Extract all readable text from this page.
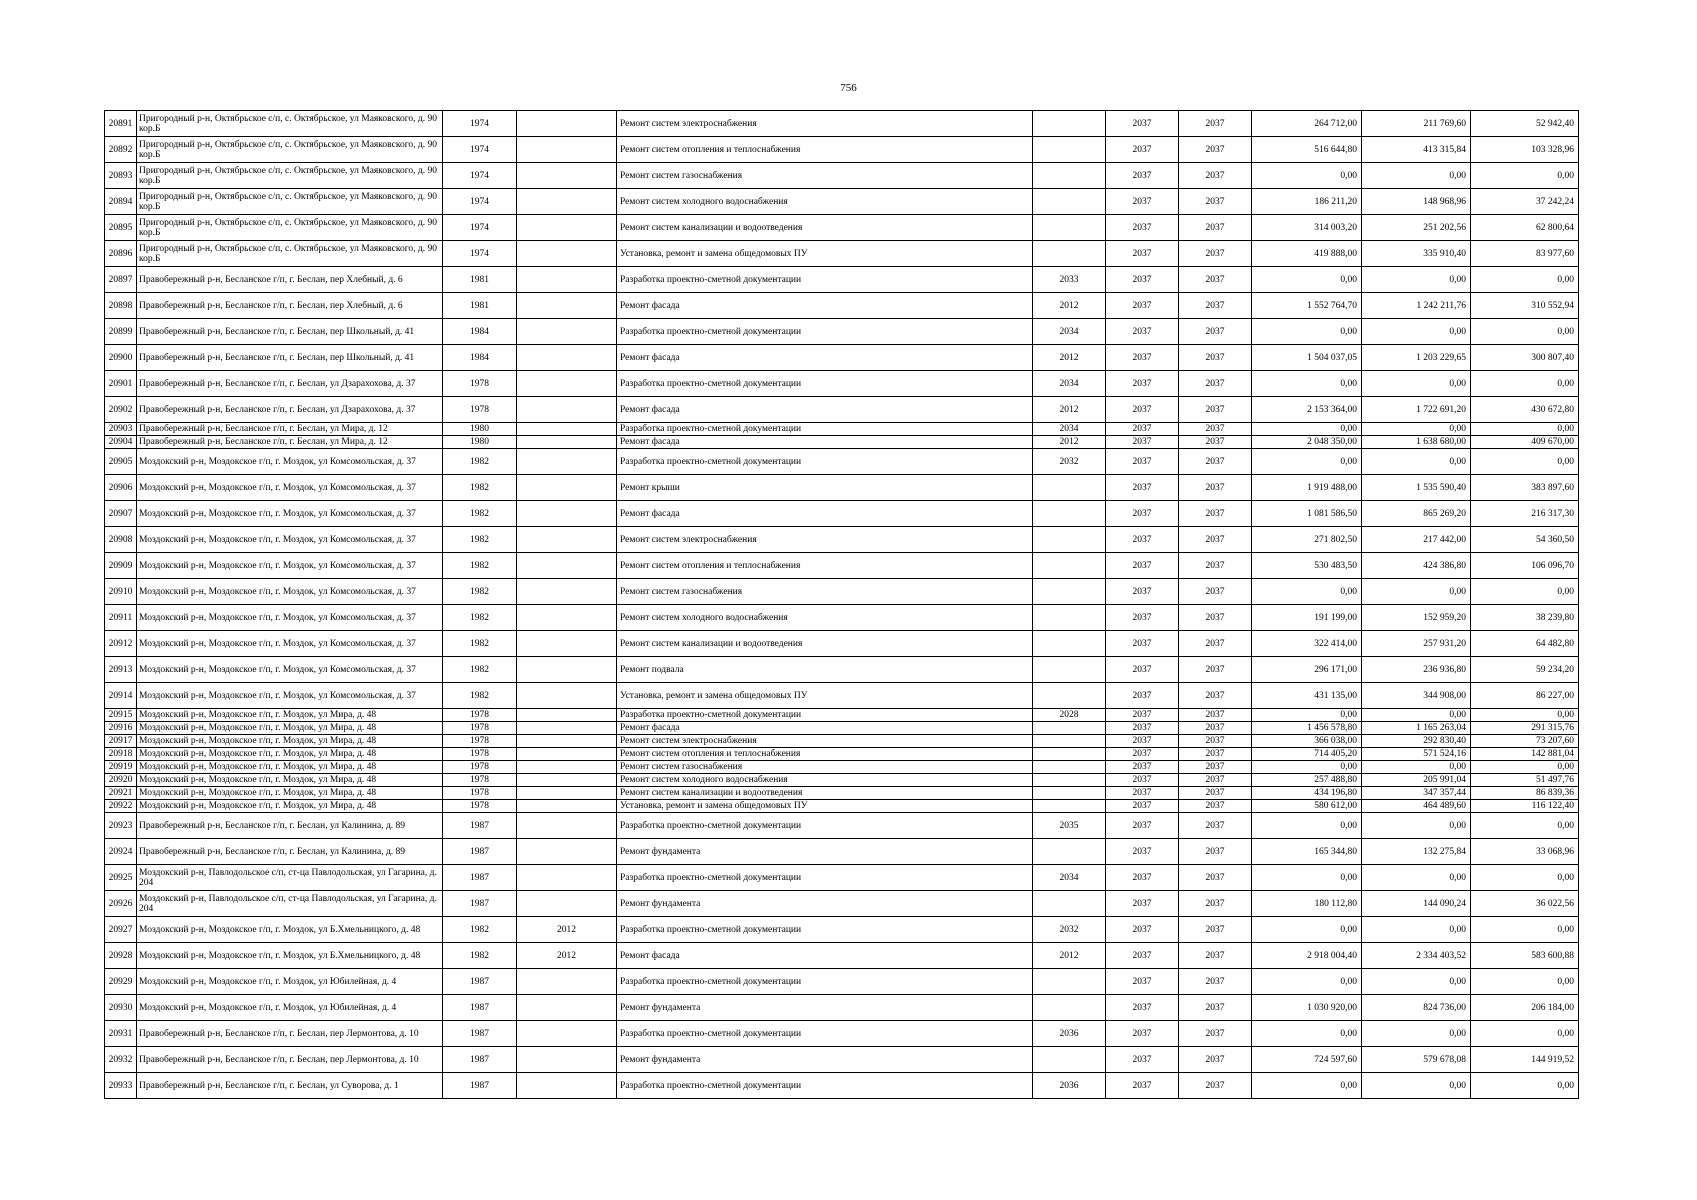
756
20891	Пригородный р-н, Октябрьское с/п, с. Октябрьское, ул Маяковского, д. 90 кор.Б	1974		Ремонт систем электроснабжения		2037	2037	264 712,00	211 769,60	52 942,40
20892	Пригородный р-н, Октябрьское с/п, с. Октябрьское, ул Маяковского, д. 90 кор.Б	1974		Ремонт систем отопления и теплоснабжения		2037	2037	516 644,80	413 315,84	103 328,96
20893	Пригородный р-н, Октябрьское с/п, с. Октябрьское, ул Маяковского, д. 90 кор.Б	1974		Ремонт систем газоснабжения		2037	2037	0,00	0,00	0,00
20894	Пригородный р-н, Октябрьское с/п, с. Октябрьское, ул Маяковского, д. 90 кор.Б	1974		Ремонт систем холодного водоснабжения		2037	2037	186 211,20	148 968,96	37 242,24
20895	Пригородный р-н, Октябрьское с/п, с. Октябрьское, ул Маяковского, д. 90 кор.Б	1974		Ремонт систем канализации и водоотведения		2037	2037	314 003,20	251 202,56	62 800,64
20896	Пригородный р-н, Октябрьское с/п, с. Октябрьское, ул Маяковского, д. 90 кор.Б	1974		Установка, ремонт и замена общедомовых ПУ		2037	2037	419 888,00	335 910,40	83 977,60
20897	Правобережный р-н, Бесланское г/п, г. Беслан, пер Хлебный, д. 6	1981		Разработка проектно-сметной документации	2033	2037	2037	0,00	0,00	0,00
20898	Правобережный р-н, Бесланское г/п, г. Беслан, пер Хлебный, д. 6	1981		Ремонт фасада	2012	2037	2037	1 552 764,70	1 242 211,76	310 552,94
20899	Правобережный р-н, Бесланское г/п, г. Беслан, пер Школьный, д. 41	1984		Разработка проектно-сметной документации	2034	2037	2037	0,00	0,00	0,00
20900	Правобережный р-н, Бесланское г/п, г. Беслан, пер Школьный, д. 41	1984		Ремонт фасада	2012	2037	2037	1 504 037,05	1 203 229,65	300 807,40
20901	Правобережный р-н, Бесланское г/п, г. Беслан, ул Дзарахохова, д. 37	1978		Разработка проектно-сметной документации	2034	2037	2037	0,00	0,00	0,00
20902	Правобережный р-н, Бесланское г/п, г. Беслан, ул Дзарахохова, д. 37	1978		Ремонт фасада	2012	2037	2037	2 153 364,00	1 722 691,20	430 672,80
20903	Правобережный р-н, Бесланское г/п, г. Беслан, ул Мира, д. 12	1980		Разработка проектно-сметной документации	2034	2037	2037	0,00	0,00	0,00
20904	Правобережный р-н, Бесланское г/п, г. Беслан, ул Мира, д. 12	1980		Ремонт фасада	2012	2037	2037	2 048 350,00	1 638 680,00	409 670,00
20905	Моздокский р-н, Моздокское г/п, г. Моздок, ул Комсомольская, д. 37	1982		Разработка проектно-сметной документации	2032	2037	2037	0,00	0,00	0,00
20906	Моздокский р-н, Моздокское г/п, г. Моздок, ул Комсомольская, д. 37	1982		Ремонт крыши		2037	2037	1 919 488,00	1 535 590,40	383 897,60
20907	Моздокский р-н, Моздокское г/п, г. Моздок, ул Комсомольская, д. 37	1982		Ремонт фасада		2037	2037	1 081 586,50	865 269,20	216 317,30
20908	Моздокский р-н, Моздокское г/п, г. Моздок, ул Комсомольская, д. 37	1982		Ремонт систем электроснабжения		2037	2037	271 802,50	217 442,00	54 360,50
20909	Моздокский р-н, Моздокское г/п, г. Моздок, ул Комсомольская, д. 37	1982		Ремонт систем отопления и теплоснабжения		2037	2037	530 483,50	424 386,80	106 096,70
20910	Моздокский р-н, Моздокское г/п, г. Моздок, ул Комсомольская, д. 37	1982		Ремонт систем газоснабжения		2037	2037	0,00	0,00	0,00
20911	Моздокский р-н, Моздокское г/п, г. Моздок, ул Комсомольская, д. 37	1982		Ремонт систем холодного водоснабжения		2037	2037	191 199,00	152 959,20	38 239,80
20912	Моздокский р-н, Моздокское г/п, г. Моздок, ул Комсомольская, д. 37	1982		Ремонт систем канализации и водоотведения		2037	2037	322 414,00	257 931,20	64 482,80
20913	Моздокский р-н, Моздокское г/п, г. Моздок, ул Комсомольская, д. 37	1982		Ремонт подвала		2037	2037	296 171,00	236 936,80	59 234,20
20914	Моздокский р-н, Моздокское г/п, г. Моздок, ул Комсомольская, д. 37	1982		Установка, ремонт и замена общедомовых ПУ		2037	2037	431 135,00	344 908,00	86 227,00
20915	Моздокский р-н, Моздокское г/п, г. Моздок, ул Мира, д. 48	1978		Разработка проектно-сметной документации	2028	2037	2037	0,00	0,00	0,00
20916	Моздокский р-н, Моздокское г/п, г. Моздок, ул Мира, д. 48	1978		Ремонт фасада		2037	2037	1 456 578,80	1 165 263,04	291 315,76
20917	Моздокский р-н, Моздокское г/п, г. Моздок, ул Мира, д. 48	1978		Ремонт систем электроснабжения		2037	2037	366 038,00	292 830,40	73 207,60
20918	Моздокский р-н, Моздокское г/п, г. Моздок, ул Мира, д. 48	1978		Ремонт систем отопления и теплоснабжения		2037	2037	714 405,20	571 524,16	142 881,04
20919	Моздокский р-н, Моздокское г/п, г. Моздок, ул Мира, д. 48	1978		Ремонт систем газоснабжения		2037	2037	0,00	0,00	0,00
20920	Моздокский р-н, Моздокское г/п, г. Моздок, ул Мира, д. 48	1978		Ремонт систем холодного водоснабжения		2037	2037	257 488,80	205 991,04	51 497,76
20921	Моздокский р-н, Моздокское г/п, г. Моздок, ул Мира, д. 48	1978		Ремонт систем канализации и водоотведения		2037	2037	434 196,80	347 357,44	86 839,36
20922	Моздокский р-н, Моздокское г/п, г. Моздок, ул Мира, д. 48	1978		Установка, ремонт и замена общедомовых ПУ		2037	2037	580 612,00	464 489,60	116 122,40
20923	Правобережный р-н, Бесланское г/п, г. Беслан, ул Калинина, д. 89	1987		Разработка проектно-сметной документации	2035	2037	2037	0,00	0,00	0,00
20924	Правобережный р-н, Бесланское г/п, г. Беслан, ул Калинина, д. 89	1987		Ремонт фундамента		2037	2037	165 344,80	132 275,84	33 068,96
20925	Моздокский р-н, Павлодольское с/п, ст-ца Павлодольская, ул Гагарина, д. 204	1987		Разработка проектно-сметной документации	2034	2037	2037	0,00	0,00	0,00
20926	Моздокский р-н, Павлодольское с/п, ст-ца Павлодольская, ул Гагарина, д. 204	1987		Ремонт фундамента		2037	2037	180 112,80	144 090,24	36 022,56
20927	Моздокский р-н, Моздокское г/п, г. Моздок, ул Б.Хмельницкого, д. 48	1982	2012	Разработка проектно-сметной документации	2032	2037	2037	0,00	0,00	0,00
20928	Моздокский р-н, Моздокское г/п, г. Моздок, ул Б.Хмельницкого, д. 48	1982	2012	Ремонт фасада	2012	2037	2037	2 918 004,40	2 334 403,52	583 600,88
20929	Моздокский р-н, Моздокское г/п, г. Моздок, ул Юбилейная, д. 4	1987		Разработка проектно-сметной документации		2037	2037	0,00	0,00	0,00
20930	Моздокский р-н, Моздокское г/п, г. Моздок, ул Юбилейная, д. 4	1987		Ремонт фундамента		2037	2037	1 030 920,00	824 736,00	206 184,00
20931	Правобережный р-н, Бесланское г/п, г. Беслан, пер Лермонтова, д. 10	1987		Разработка проектно-сметной документации	2036	2037	2037	0,00	0,00	0,00
20932	Правобережный р-н, Бесланское г/п, г. Беслан, пер Лермонтова, д. 10	1987		Ремонт фундамента		2037	2037	724 597,60	579 678,08	144 919,52
20933	Правобережный р-н, Бесланское г/п, г. Беслан, ул Суворова, д. 1	1987		Разработка проектно-сметной документации	2036	2037	2037	0,00	0,00	0,00
